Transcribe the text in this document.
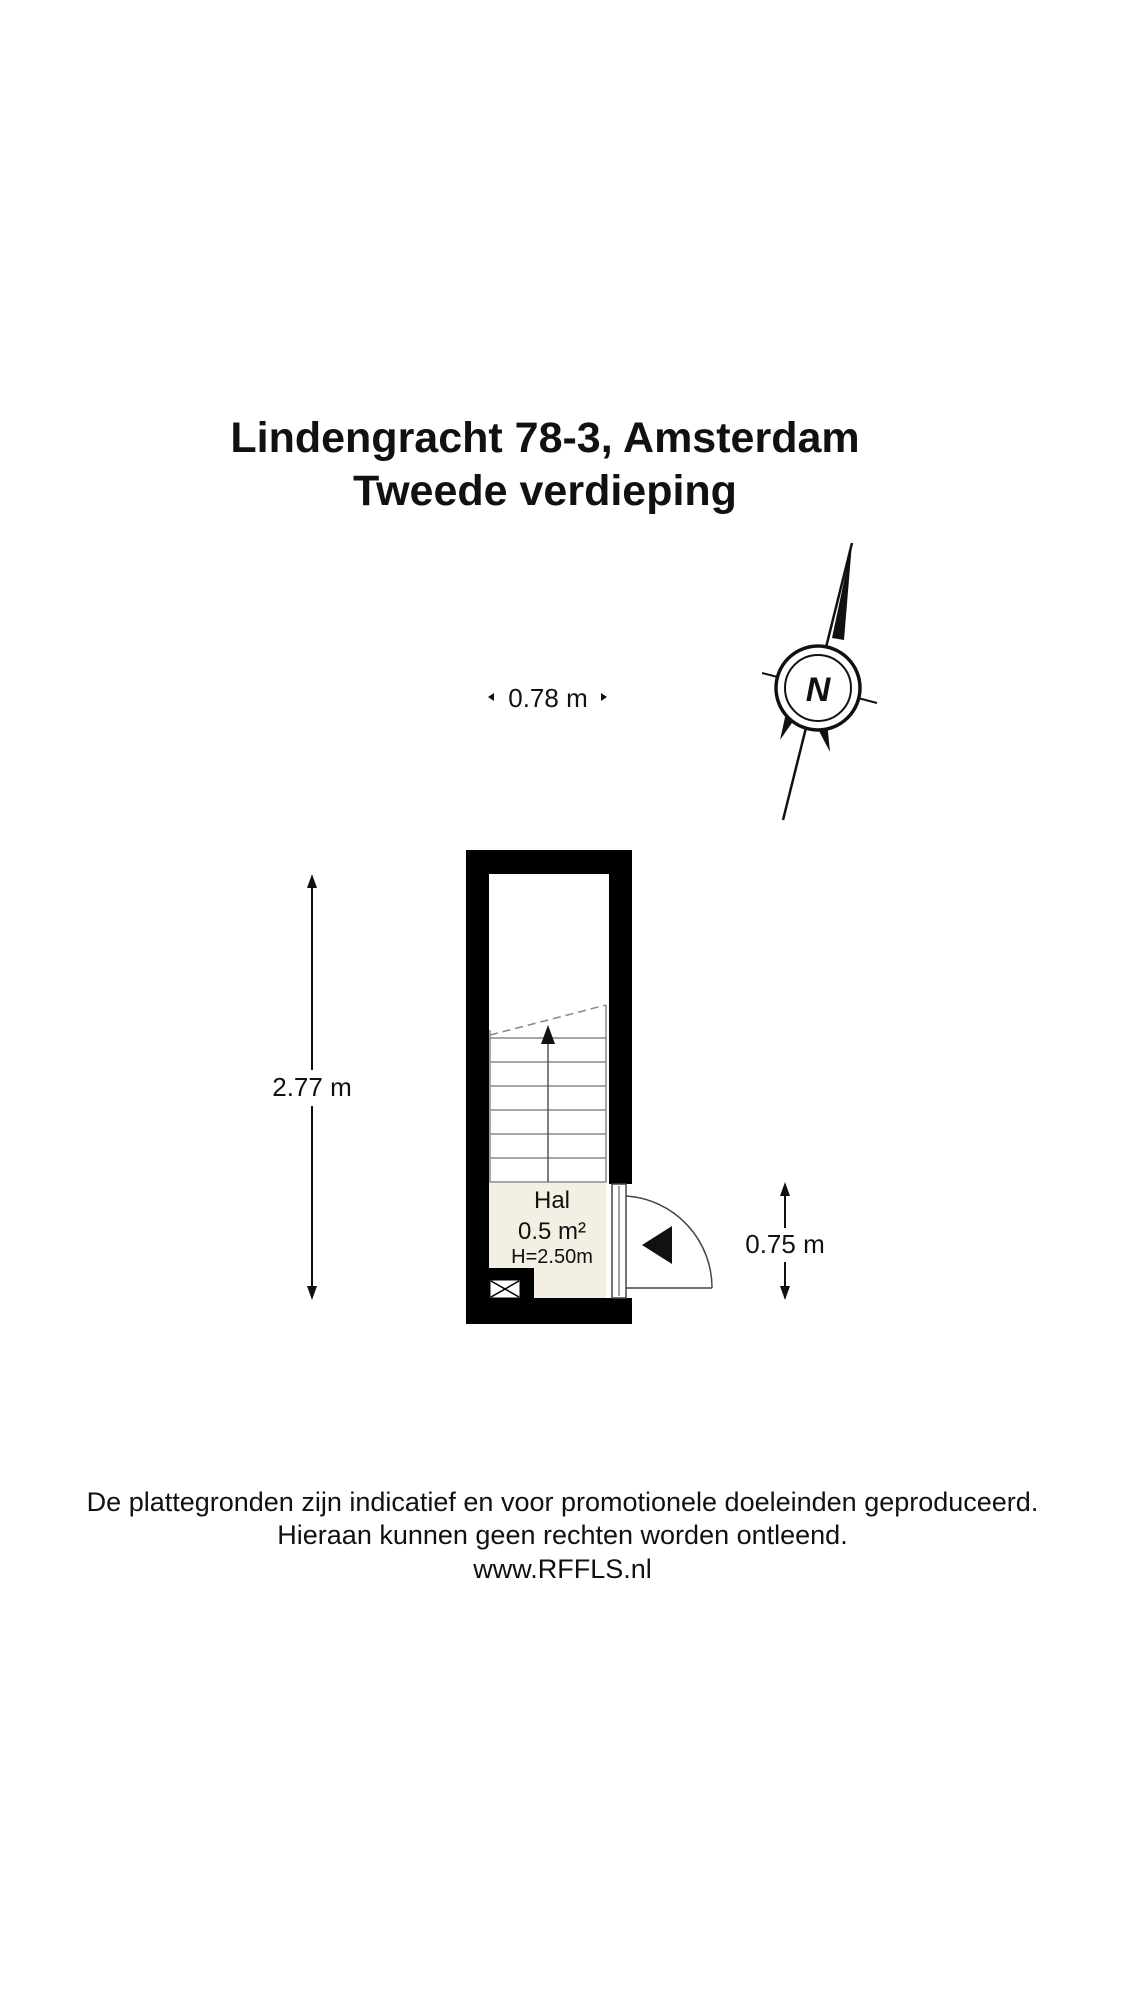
Lindengracht 78-3, Amsterdam
Tweede verdieping
0.78 m	N
2.77 m
Hal
0.5 m²
H=2.50m	0.75 m
De plattegronden zijn indicatief en voor promotionele doeleinden geproduceerd.
Hieraan kunnen geen rechten worden ontleend.
www.RFFLS.nl
